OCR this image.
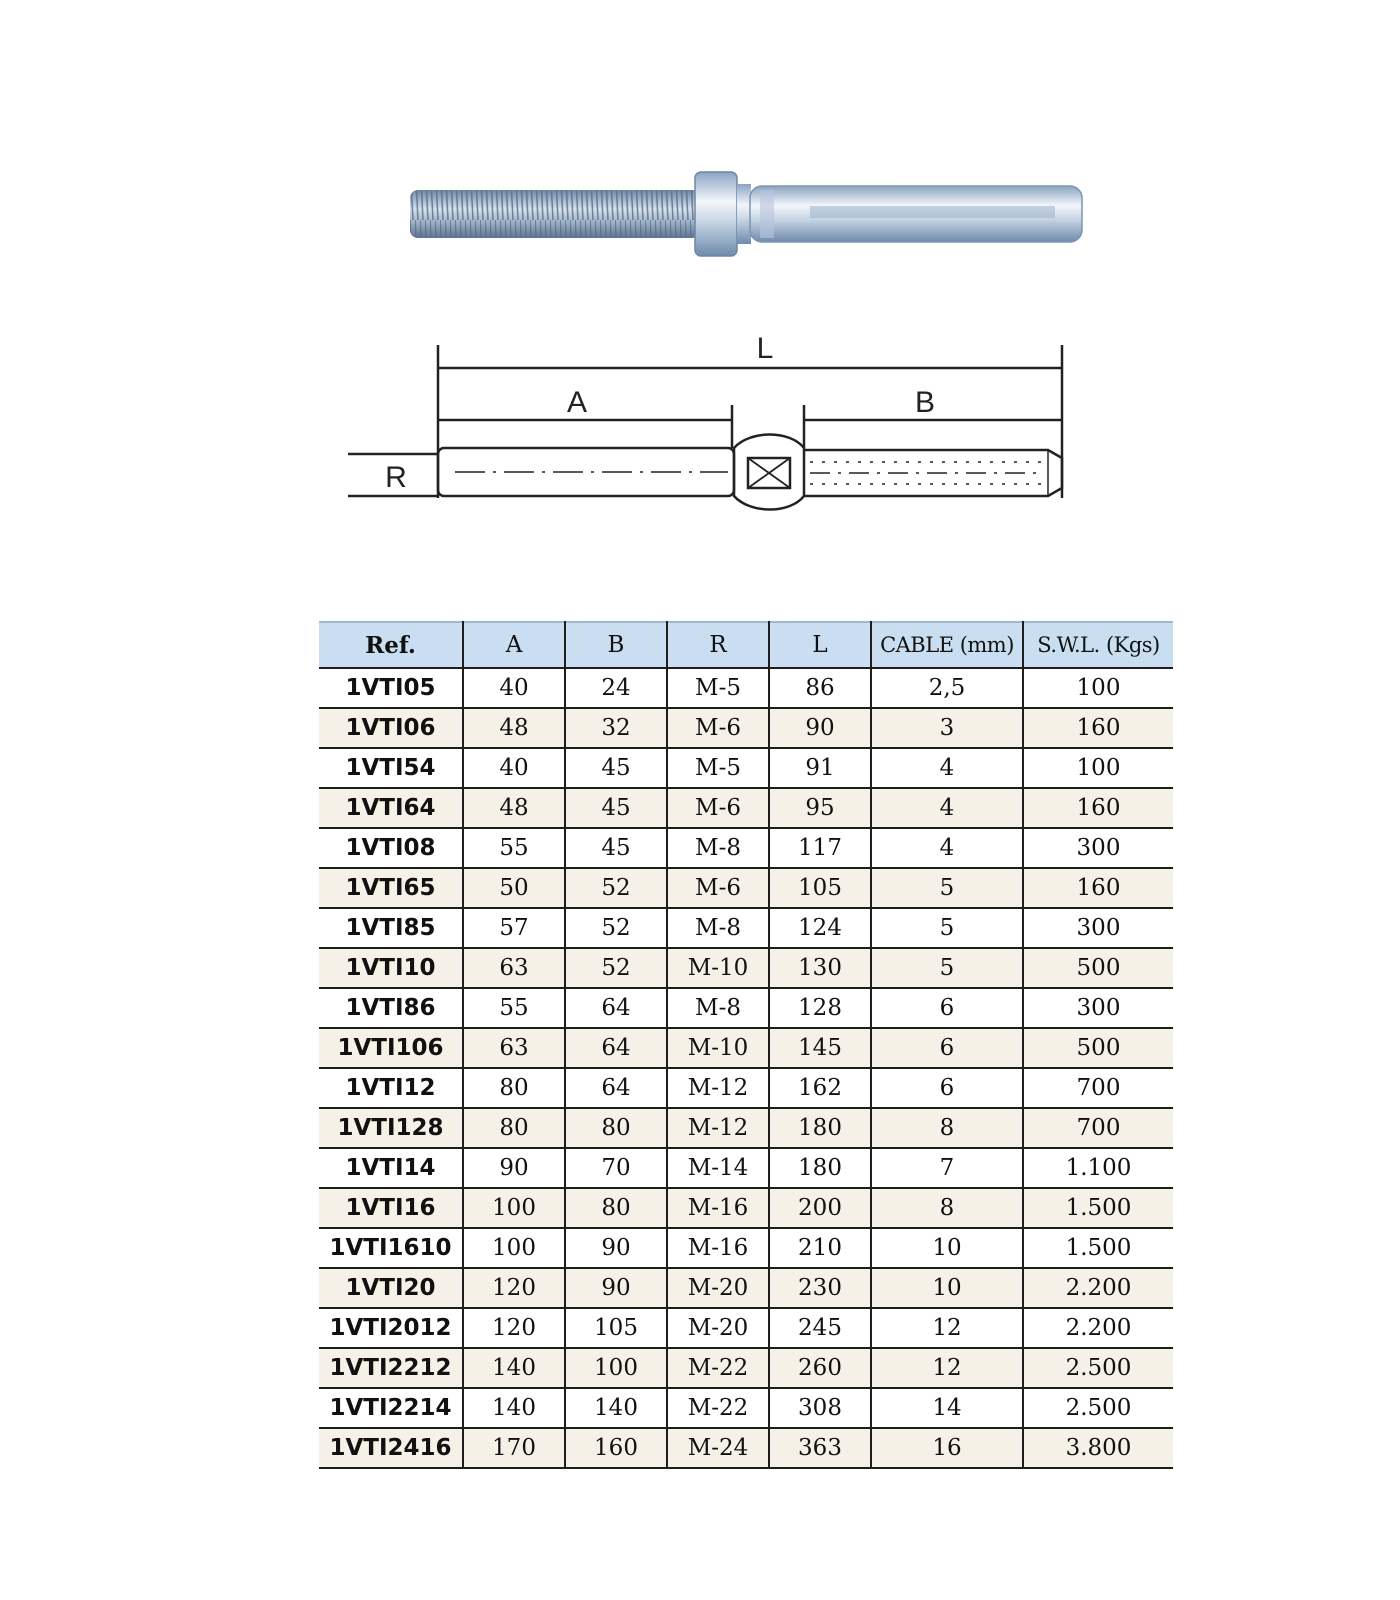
L
A	B
R
Ref.	A	B	R	L	CABLE (mm)	S.W.L. (Kgs)
1VTI05	40	24	M-5	86	2,5	100
1VTI06	48	32	M-6	90	3	160
1VTI54	40	45	M-5	91	4	100
1VTI64	48	45	M-6	95	4	160
1VTI08	55	45	M-8	117	4	300
1VTI65	50	52	M-6	105	5	160
1VTI85	57	52	M-8	124	5	300
1VTI10	63	52	M-10	130	5	500
1VTI86	55	64	M-8	128	6	300
1VTI106	63	64	M-10	145	6	500
1VTI12	80	64	M-12	162	6	700
1VTI128	80	80	M-12	180	8	700
1VTI14	90	70	M-14	180	7	1.100
1VTI16	100	80	M-16	200	8	1.500
1VTI1610	100	90	M-16	210	10	1.500
1VTI20	120	90	M-20	230	10	2.200
1VTI2012	120	105	M-20	245	12	2.200
1VTI2212	140	100	M-22	260	12	2.500
1VTI2214	140	140	M-22	308	14	2.500
1VTI2416	170	160	M-24	363	16	3.800
